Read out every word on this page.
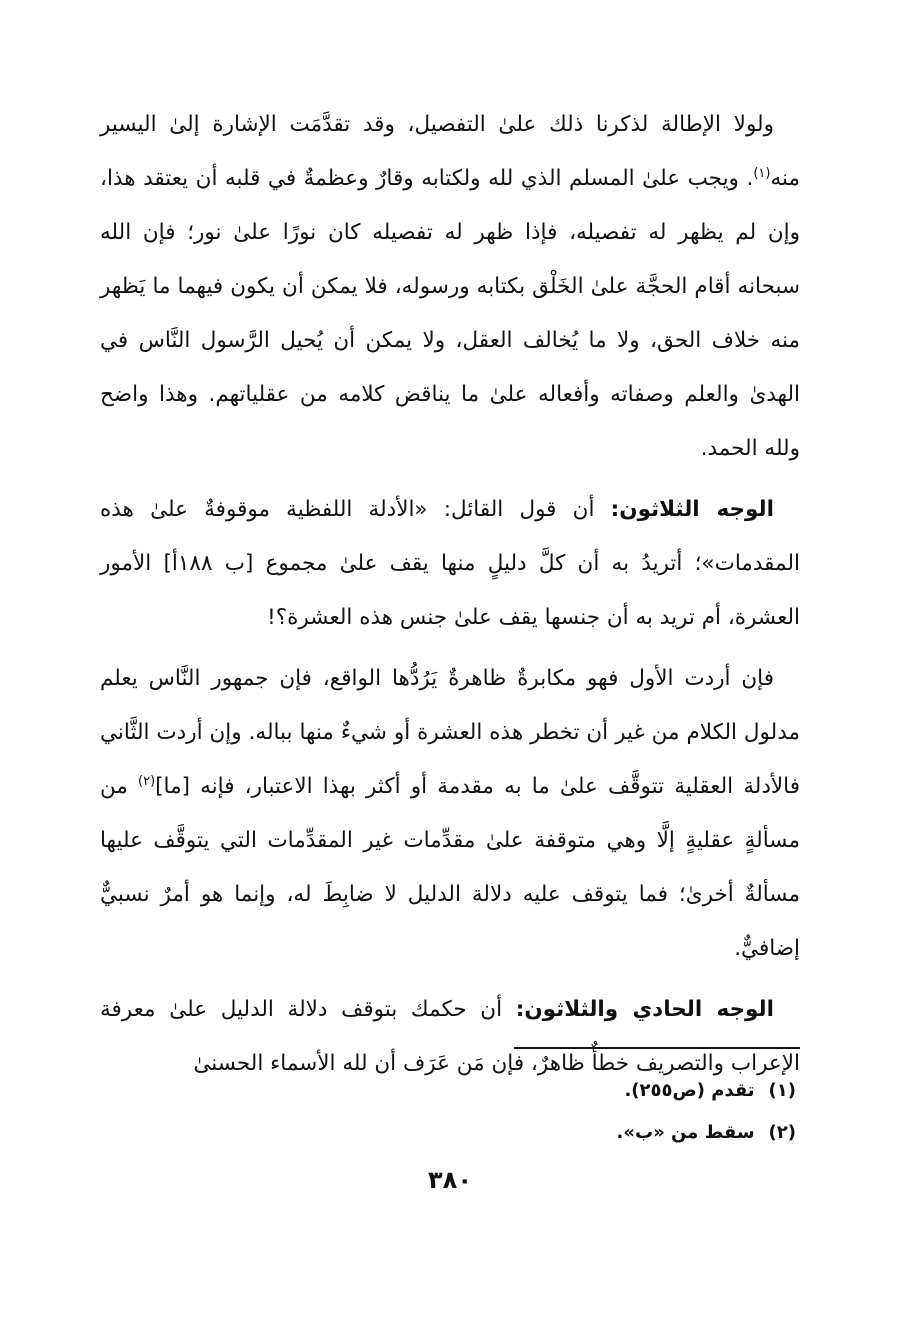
ولولا الإطالة لذكرنا ذلك علىٰ التفصيل، وقد تقدَّمَت الإشارة إلىٰ اليسير منه$^{(١)}$. ويجب علىٰ المسلم الذي لله ولكتابه وقارٌ وعظمةٌ في قلبه أن يعتقد هذا، وإن لم يظهر له تفصيله، فإذا ظهر له تفصيله كان نورًا علىٰ نور؛ فإن الله سبحانه أقام الحجَّة علىٰ الخَلْق بكتابه ورسوله، فلا يمكن أن يكون فيهما ما يَظهر منه خلاف الحق، ولا ما يُخالف العقل، ولا يمكن أن يُحيل الرَّسول النَّاس في الهدىٰ والعلم وصفاته وأفعاله علىٰ ما يناقض كلامه من عقلياتهم. وهذا واضح ولله الحمد.

الوجه الثلاثون: أن قول القائل: «الأدلة اللفظية موقوفةٌ علىٰ هذه المقدمات»؛ أتريدُ به أن كلَّ دليلٍ منها يقف علىٰ مجموع [ب ١٨٨أ] الأمور العشرة، أم تريد به أن جنسها يقف علىٰ جنس هذه العشرة؟!

فإن أردت الأول فهو مكابرةٌ ظاهرةٌ يَرُدُّها الواقع، فإن جمهور النَّاس يعلم مدلول الكلام من غير أن تخطر هذه العشرة أو شيءٌ منها بباله. وإن أردت الثَّاني فالأدلة العقلية تتوقَّف علىٰ ما به مقدمة أو أكثر بهذا الاعتبار، فإنه [ما]$^{(٢)}$ من مسألةٍ عقليةٍ إلَّا وهي متوقفة علىٰ مقدِّمات غير المقدِّمات التي يتوقَّف عليها مسألةٌ أخرىٰ؛ فما يتوقف عليه دلالة الدليل لا ضابِطَ له، وإنما هو أمرٌ نسبيٌّ إضافيٌّ.

الوجه الحادي والثلاثون: أن حكمك بتوقف دلالة الدليل علىٰ معرفة الإعراب والتصريف خطأٌ ظاهرٌ، فإن مَن عَرَف أن لله الأسماء الحسنىٰ

(١)تقدم (ص٢٥٥).
(٢)سقط من «ب».
٣٨٠
